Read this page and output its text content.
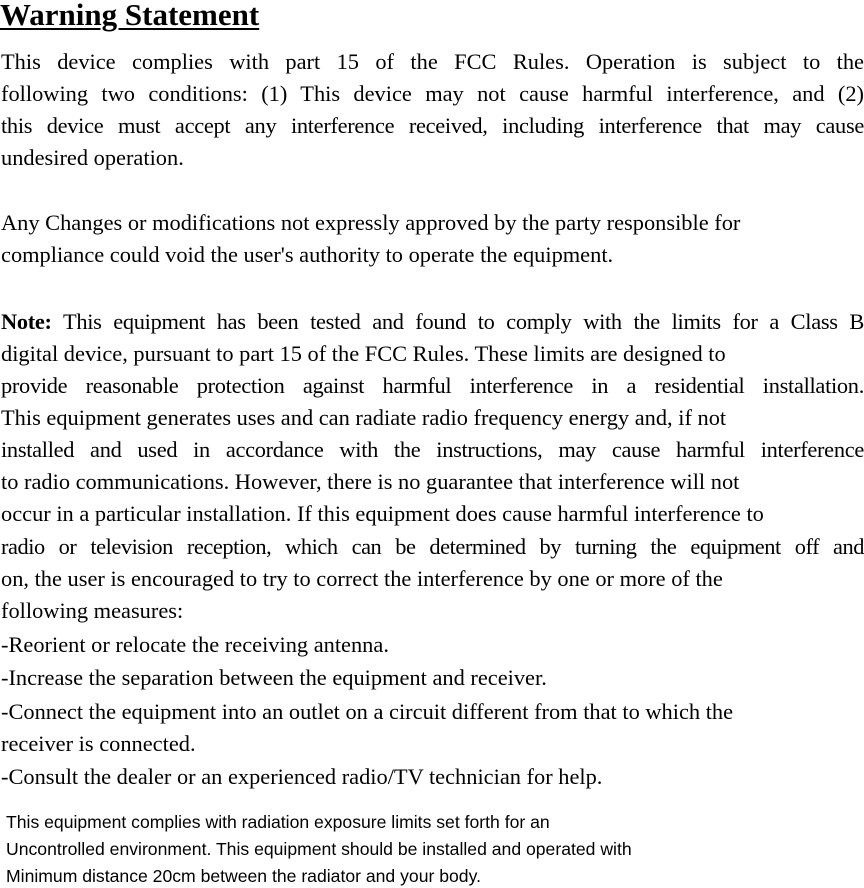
Warning Statement

This device complies with part 15 of the FCC Rules. Operation is subject to the

following two conditions: (1) This device may not cause harmful interference, and (2)

this device must accept any interference received, including interference that may cause

undesired operation.

Any Changes or modifications not expressly approved by the party responsible for

compliance could void the user's authority to operate the equipment.

Note: This equipment has been tested and found to comply with the limits for a Class B

digital device, pursuant to part 15 of the FCC Rules. These limits are designed to

provide reasonable protection against harmful interference in a residential installation.

This equipment generates uses and can radiate radio frequency energy and, if not

installed and used in accordance with the instructions, may cause harmful interference

to radio communications. However, there is no guarantee that interference will not

occur in a particular installation. If this equipment does cause harmful interference to

radio or television reception, which can be determined by turning the equipment off and

on, the user is encouraged to try to correct the interference by one or more of the

following measures:

-Reorient or relocate the receiving antenna.

-Increase the separation between the equipment and receiver.

-Connect the equipment into an outlet on a circuit different from that to which the

receiver is connected.

-Consult the dealer or an experienced radio/TV technician for help.

This equipment complies with radiation exposure limits set forth for an

Uncontrolled environment. This equipment should be installed and operated with

Minimum distance 20cm between the radiator and your body.
